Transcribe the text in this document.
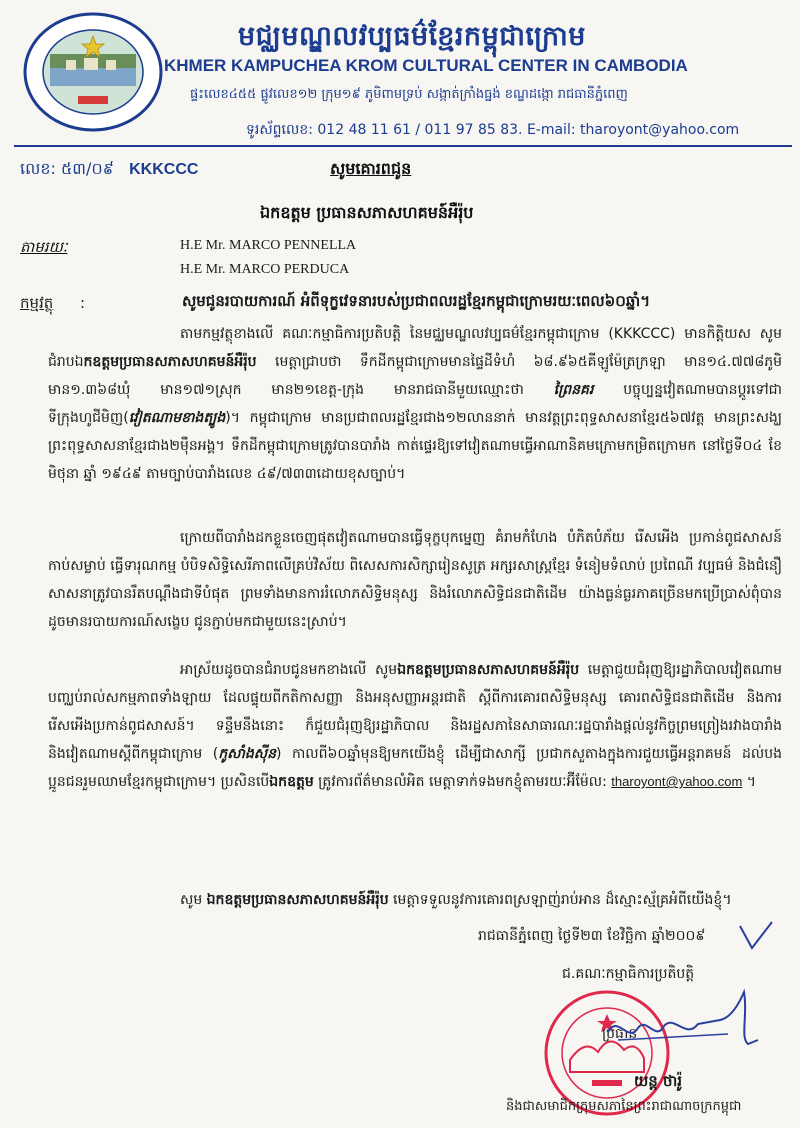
មជ្ឈមណ្ឌលវប្បធម៌ខ្មែរកម្ពុជាក្រោម
KHMER KAMPUCHEA KROM CULTURAL CENTER IN CAMBODIA
ផ្ទះលេខ៤៥៥ ផ្លូវលេខ១២ ក្រុម១៩ ភូមិពាមទ្រប់ សង្កាត់ក្រាំងធ្នង់ ខណ្ឌដង្កោ រាជធានីភ្នំពេញ
ទូរស័ព្ទលេខ: 012 48 11 61 / 011 97 85 83. E-mail: tharoyont@yahoo.com
លេខ: ៥៣/០៩ KKKCCC	សូមគោរពជូន
ឯកឧត្តម ប្រធានសភាសហគមន៍អឺរ៉ុប
តាមរយៈ	H.E Mr. MARCO PENNELLA
H.E Mr. MARCO PERDUCA
កម្មវត្ថុ :	សូមជូនរបាយការណ៍ អំពីទុក្ខវេទនារបស់ប្រជាពលរដ្ឋខ្មែរកម្ពុជាក្រោមរយៈពេល៦០ឆ្នាំ។
តាមកម្មវត្ថុខាងលើ គណៈកម្មាធិការប្រតិបត្តិ នៃមជ្ឈមណ្ឌលវប្បធម៌ខ្មែរកម្ពុជាក្រោម (KKKCCC) មានកិត្តិយស សូមជំរាបឯកឧត្តមប្រធានសភាសហគមន៍អឺរ៉ុប មេត្តាជ្រាបថា ទឹកដីកម្ពុជាក្រោមមានផ្ទៃដីទំហំ ៦៨.៩៦៥គីឡូម៉ែត្រក្រឡា មាន១៤.៧៧៨ភូមិ មាន១.៣៦៨ឃុំ មាន១៧១ស្រុក មាន២១ខេត្ត-ក្រុង មានរាជធានីមួយឈ្មោះថា ព្រៃនគរ បច្ចុប្បន្នវៀតណាមបានប្តូរទៅជាទីក្រុងហូជីមិញ(វៀតណាមខាងត្បូង)។ កម្ពុជាក្រោម មានប្រជាពលរដ្ឋខ្មែរជាង១២លាននាក់ មានវត្តព្រះពុទ្ធសាសនាខ្មែរ៥៦៧វត្ត មានព្រះសង្ឃព្រះពុទ្ធសាសនាខ្មែរជាង២ម៉ឺនអង្គ។ ទឹកដីកម្ពុជាក្រោមត្រូវបានបារាំង កាត់ផ្ទេរឱ្យទៅវៀតណាមធ្វើអាណានិគមក្រោមកម្រិតក្រោមក នៅថ្ងៃទី០៤ ខែមិថុនា ឆ្នាំ ១៩៤៩ តាមច្បាប់បារាំងលេខ ៤៩/៧៣៣ដោយខុសច្បាប់។
ក្រោយពីបារាំងដកខ្លួនចេញផុតវៀតណាមបានធ្វើទុក្ខបុកម្នេញ គំរាមកំហែង បំភិតបំភ័យ រើសអើង ប្រកាន់ពូជសាសន៍ កាប់សម្លាប់ ធ្វើទារុណកម្ម បំបិទសិទ្ធិសេរីភាពលើគ្រប់វិស័យ ពិសេសការសិក្សារៀនសូត្រ អក្សរសាស្ត្រខ្មែរ ទំនៀមទំលាប់ ប្រពៃណី វប្បធម៌ និងជំនឿសាសនាត្រូវបានរឹតបណ្តឹងជាទីបំផុត ព្រមទាំងមានការរំលោភសិទ្ធិមនុស្ស និងរំលោភសិទ្ធិជនជាតិដើម យ៉ាងធ្ងន់ធ្ងរភាគច្រើនមកប្រើប្រាស់ពុំបាន ដូចមានរបាយការណ៍សង្ខេប ជូនភ្ជាប់មកជាមួយនេះស្រាប់។
អាស្រ័យដូចបានជំរាបជូនមកខាងលើ សូមឯកឧត្តមប្រធានសភាសហគមន៍អឺរ៉ុប មេត្តាជួយជំរុញឱ្យរដ្ឋាភិបាលវៀតណាមបញ្ឈប់រាល់សកម្មភាពទាំងឡាយ ដែលផ្ទុយពីកតិកាសញ្ញា និងអនុសញ្ញាអន្តរជាតិ ស្តីពីការគោរពសិទ្ធិមនុស្ស គោរពសិទ្ធិជនជាតិដើម និងការរើសអើងប្រកាន់ពូជសាសន៍។ ទន្ទឹមនឹងនោះ ក៏ជួយជំរុញឱ្យរដ្ឋាភិបាល និងរដ្ឋសភានៃសាធារណៈរដ្ឋបារាំងផ្តល់នូវកិច្ចព្រមព្រៀងរវាងបារាំង និងវៀតណាមស្តីពីកម្ពុជាក្រោម (កូសាំងស៊ីន) កាលពី៦០ឆ្នាំមុនឱ្យមកយើងខ្ញុំ ដើម្បីជាសាក្សី ប្រជាកសួតាងក្នុងការជួយធ្វើអន្តរាគមន៍ ដល់បងប្អូនជនរួមឈាមខ្មែរកម្ពុជាក្រោម។ ប្រសិនបើឯកឧត្តម ត្រូវការព័ត៌មានលំអិត មេត្តាទាក់ទងមកខ្ញុំតាមរយៈអ៊ីម៉ែល: tharoyont@yahoo.com ។
សូម ឯកឧត្តមប្រធានសភាសហគមន៍អឺរ៉ុប មេត្តាទទួលនូវការគោរពស្រឡាញ់រាប់អាន ដ៏ស្មោះស្ម័គ្រអំពីយើងខ្ញុំ។
រាជធានីភ្នំពេញ ថ្ងៃទី២៣ ខែវិច្ឆិកា ឆ្នាំ២០០៩
ជ.គណៈកម្មាធិការប្រតិបត្តិ
ប្រធាន
យន្ត ថារ៉ូ
និងជាសមាជិកក្រុមសភានៃព្រះរាជាណាចក្រកម្ពុជា
